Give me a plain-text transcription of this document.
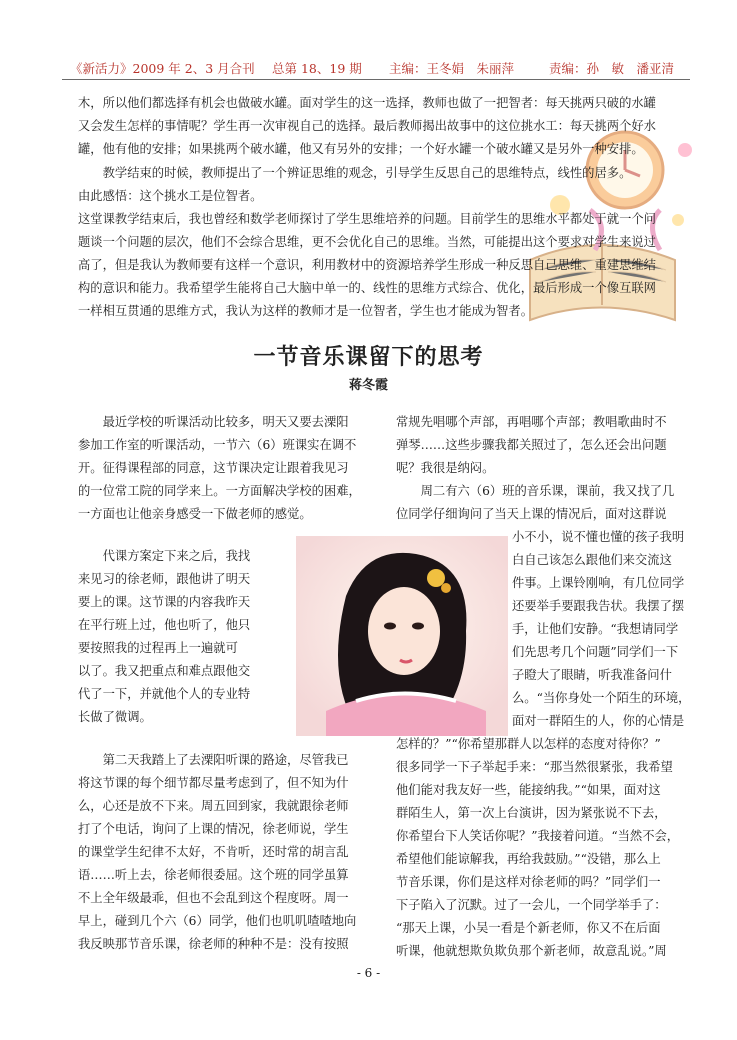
《新活力》2009 年 2、3 月合刊 总第 18、19 期 主编：王冬娟　朱丽萍	责编：孙　敏　潘亚清
木，所以他们都选择有机会也做破水罐。面对学生的这一选择，教师也做了一把智者：每天挑两只破的水罐
又会发生怎样的事情呢？学生再一次审视自己的选择。最后教师揭出故事中的这位挑水工：每天挑两个好水
罐，他有他的安排；如果挑两个破水罐，他又有另外的安排；一个好水罐一个破水罐又是另外一种安排。
　　教学结束的时候，教师提出了一个辨证思维的观念，引导学生反思自己的思维特点，线性的居多。
由此感悟：这个挑水工是位智者。
这堂课教学结束后，我也曾经和数学老师探讨了学生思维培养的问题。目前学生的思维水平都处于就一个问
题谈一个问题的层次，他们不会综合思维，更不会优化自己的思维。当然，可能提出这个要求对学生来说过
高了，但是我认为教师要有这样一个意识，利用教材中的资源培养学生形成一种反思自己思维、重建思维结
构的意识和能力。我希望学生能将自己大脑中单一的、线性的思维方式综合、优化，最后形成一个像互联网
一样相互贯通的思维方式，我认为这样的教师才是一位智者，学生也才能成为智者。
一节音乐课留下的思考
蒋冬霞
　　最近学校的听课活动比较多，明天又要去溧阳
参加工作室的听课活动，一节六（6）班课实在调不
开。征得课程部的同意，这节课决定让跟着我见习
的一位常工院的同学来上。一方面解决学校的困难，
一方面也让他亲身感受一下做老师的感觉。
　　代课方案定下来之后，我找
来见习的徐老师，跟他讲了明天
要上的课。这节课的内容我昨天
在平行班上过，他也听了，他只
要按照我的过程再上一遍就可
以了。我又把重点和难点跟他交
代了一下，并就他个人的专业特
长做了微调。
　　第二天我踏上了去溧阳听课的路途，尽管我已
将这节课的每个细节都尽量考虑到了，但不知为什
么，心还是放不下来。周五回到家，我就跟徐老师
打了个电话，询问了上课的情况，徐老师说，学生
的课堂学生纪律不太好，不肯听，还时常的胡言乱
语……听上去，徐老师很委屈。这个班的同学虽算
不上全年级最乖，但也不会乱到这个程度呀。周一
早上，碰到几个六（6）同学，他们也叽叽喳喳地向
我反映那节音乐课，徐老师的种种不是：没有按照
常规先唱哪个声部，再唱哪个声部；教唱歌曲时不
弹琴……这些步骤我都关照过了，怎么还会出问题
呢？我很是纳闷。
　　周二有六（6）班的音乐课，课前，我又找了几
位同学仔细询问了当天上课的情况后，面对这群说
小不小，说不懂也懂的孩子我明
白自己该怎么跟他们来交流这
件事。上课铃刚响，有几位同学
还要举手要跟我告状。我摆了摆
手，让他们安静。“我想请同学
们先思考几个问题”同学们一下
子瞪大了眼睛，听我准备问什
么。“当你身处一个陌生的环境，
面对一群陌生的人，你的心情是
怎样的？”“你希望那群人以怎样的态度对待你？”
很多同学一下子举起手来：“那当然很紧张，我希望
他们能对我友好一些，能接纳我。”“如果，面对这
群陌生人，第一次上台演讲，因为紧张说不下去，
你希望台下人笑话你呢？”我接着问道。“当然不会，
希望他们能谅解我，再给我鼓励。”“没错，那么上
节音乐课，你们是这样对徐老师的吗？”同学们一
下子陷入了沉默。过了一会儿，一个同学举手了：
“那天上课，小吴一看是个新老师，你又不在后面
听课，他就想欺负欺负那个新老师，故意乱说。”周
- 6 -
